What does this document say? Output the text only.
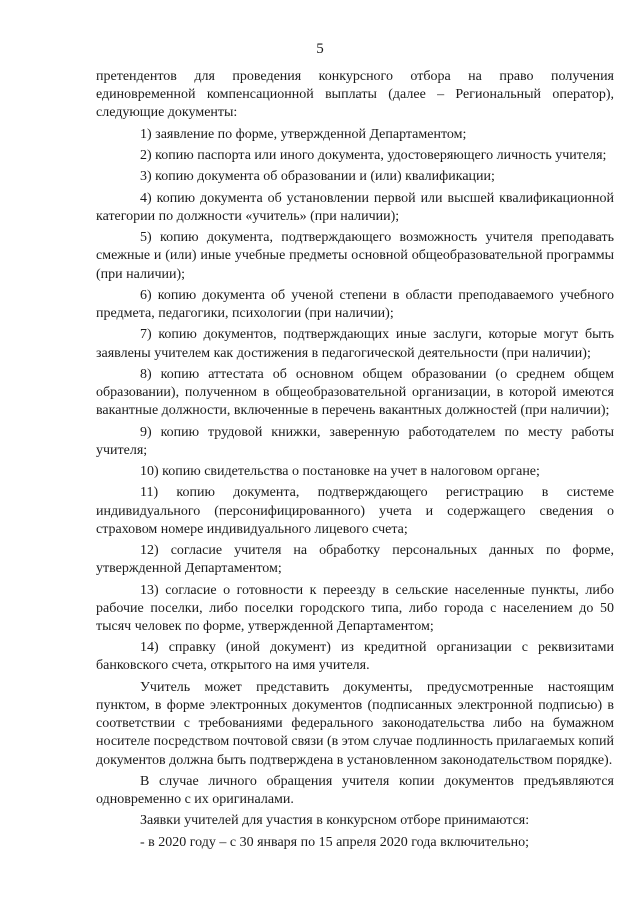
5

претендентов для проведения конкурсного отбора на право получения единовременной компенсационной выплаты (далее – Региональный оператор), следующие документы:

1) заявление по форме, утвержденной Департаментом;

2) копию паспорта или иного документа, удостоверяющего личность учителя;

3) копию документа об образовании и (или) квалификации;

4) копию документа об установлении первой или высшей квалификационной категории по должности «учитель» (при наличии);

5) копию документа, подтверждающего возможность учителя преподавать смежные и (или) иные учебные предметы основной общеобразовательной программы (при наличии);

6) копию документа об ученой степени в области преподаваемого учебного предмета, педагогики, психологии (при наличии);

7) копию документов, подтверждающих иные заслуги, которые могут быть заявлены учителем как достижения в педагогической деятельности (при наличии);

8) копию аттестата об основном общем образовании (о среднем общем образовании), полученном в общеобразовательной организации, в которой имеются вакантные должности, включенные в перечень вакантных должностей (при наличии);

9) копию трудовой книжки, заверенную работодателем по месту работы учителя;

10) копию свидетельства о постановке на учет в налоговом органе;

11) копию документа, подтверждающего регистрацию в системе индивидуального (персонифицированного) учета и содержащего сведения о страховом номере индивидуального лицевого счета;

12) согласие учителя на обработку персональных данных по форме, утвержденной Департаментом;

13) согласие о готовности к переезду в сельские населенные пункты, либо рабочие поселки, либо поселки городского типа, либо города с населением до 50 тысяч человек по форме, утвержденной Департаментом;

14) справку (иной документ) из кредитной организации с реквизитами банковского счета, открытого на имя учителя.

Учитель может представить документы, предусмотренные настоящим пунктом, в форме электронных документов (подписанных электронной подписью) в соответствии с требованиями федерального законодательства либо на бумажном носителе посредством почтовой связи (в этом случае подлинность прилагаемых копий документов должна быть подтверждена в установленном законодательством порядке).

В случае личного обращения учителя копии документов предъявляются одновременно с их оригиналами.

Заявки учителей для участия в конкурсном отборе принимаются:

- в 2020 году – с 30 января по 15 апреля 2020 года включительно;
